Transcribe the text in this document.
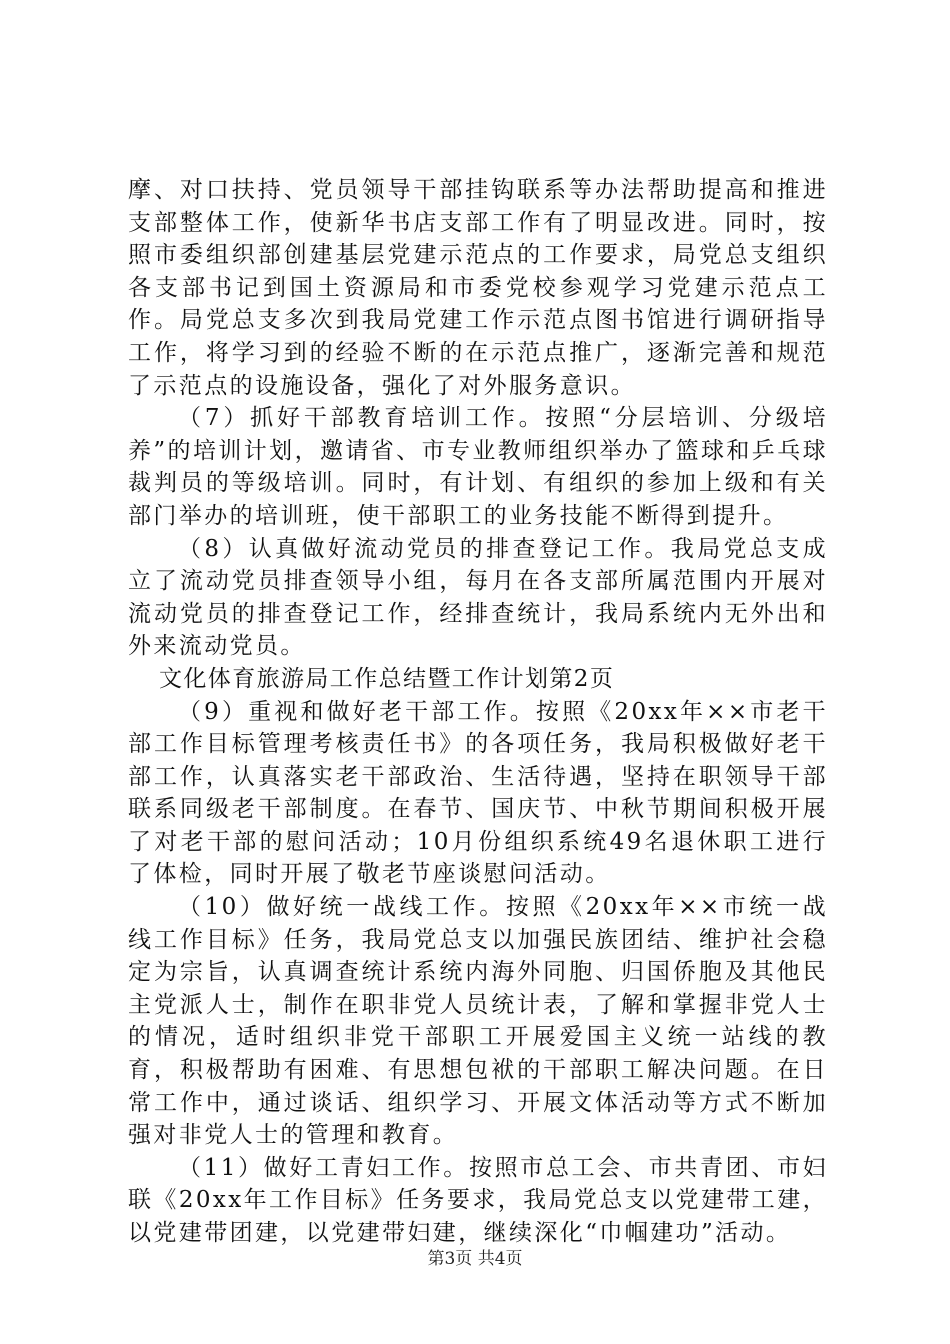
摩、对口扶持、党员领导干部挂钩联系等办法帮助提高和推进支部整体工作，使新华书店支部工作有了明显改进。同时，按照市委组织部创建基层党建示范点的工作要求，局党总支组织各支部书记到国土资源局和市委党校参观学习党建示范点工作。局党总支多次到我局党建工作示范点图书馆进行调研指导工作，将学习到的经验不断的在示范点推广，逐渐完善和规范了示范点的设施设备，强化了对外服务意识。

（7）抓好干部教育培训工作。按照“分层培训、分级培养”的培训计划，邀请省、市专业教师组织举办了篮球和乒乓球裁判员的等级培训。同时，有计划、有组织的参加上级和有关部门举办的培训班，使干部职工的业务技能不断得到提升。

（8）认真做好流动党员的排查登记工作。我局党总支成立了流动党员排查领导小组，每月在各支部所属范围内开展对流动党员的排查登记工作，经排查统计，我局系统内无外出和外来流动党员。

文化体育旅游局工作总结暨工作计划第2页

（9）重视和做好老干部工作。按照《20xx年××市老干部工作目标管理考核责任书》的各项任务，我局积极做好老干部工作，认真落实老干部政治、生活待遇，坚持在职领导干部联系同级老干部制度。在春节、国庆节、中秋节期间积极开展了对老干部的慰问活动；10月份组织系统49名退休职工进行了体检，同时开展了敬老节座谈慰问活动。

（10）做好统一战线工作。按照《20xx年××市统一战线工作目标》任务，我局党总支以加强民族团结、维护社会稳定为宗旨，认真调查统计系统内海外同胞、归国侨胞及其他民主党派人士，制作在职非党人员统计表，了解和掌握非党人士的情况，适时组织非党干部职工开展爱国主义统一站线的教育，积极帮助有困难、有思想包袱的干部职工解决问题。在日常工作中，通过谈话、组织学习、开展文体活动等方式不断加强对非党人士的管理和教育。

（11）做好工青妇工作。按照市总工会、市共青团、市妇联《20xx年工作目标》任务要求，我局党总支以党建带工建，以党建带团建，以党建带妇建，继续深化“巾帼建功”活动。

第3页 共4页
